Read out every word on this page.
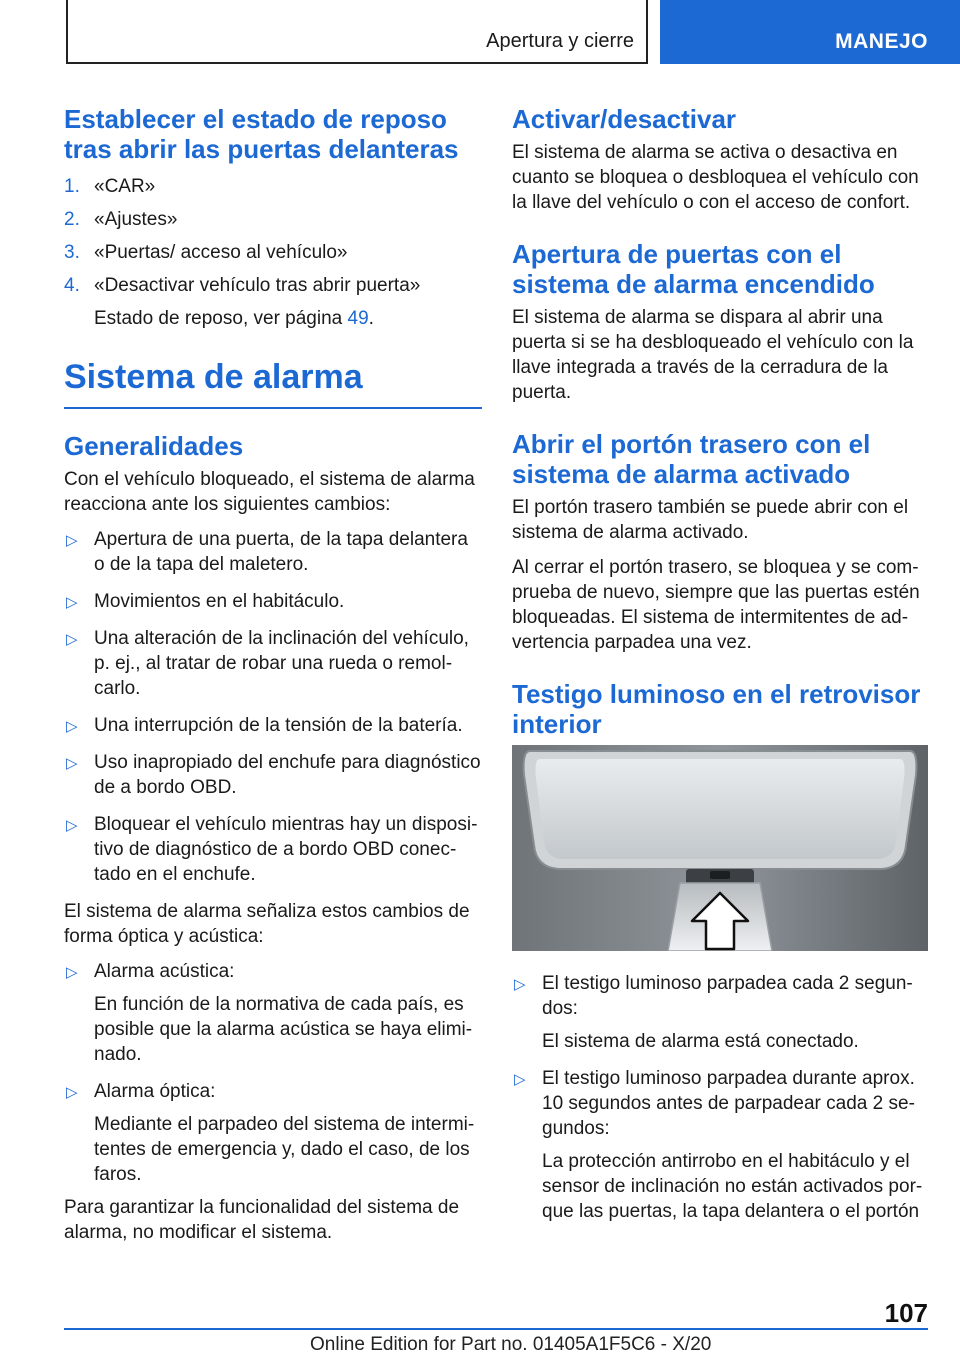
Apertura y cierre	MANEJO
Establecer el estado de reposo tras abrir las puertas delanteras
1. «CAR»
2. «Ajustes»
3. «Puertas/ acceso al vehículo»
4. «Desactivar vehículo tras abrir puerta»
Estado de reposo, ver página 49.
Sistema de alarma
Generalidades

Con el vehículo bloqueado, el sistema de alarma reacciona ante los siguientes cambios:

▷ Apertura de una puerta, de la tapa delantera o de la tapa del maletero.
▷ Movimientos en el habitáculo.
▷ Una alteración de la inclinación del vehículo, p. ej., al tratar de robar una rueda o remolcarlo.
▷ Una interrupción de la tensión de la batería.
▷ Uso inapropiado del enchufe para diagnóstico de a bordo OBD.
▷ Bloquear el vehículo mientras hay un dispositivo de diagnóstico de a bordo OBD conectado en el enchufe.

El sistema de alarma señaliza estos cambios de forma óptica y acústica:

▷ Alarma acústica:
En función de la normativa de cada país, es posible que la alarma acústica se haya eliminado.
▷ Alarma óptica:
Mediante el parpadeo del sistema de intermitentes de emergencia y, dado el caso, de los faros.

Para garantizar la funcionalidad del sistema de alarma, no modificar el sistema.

Activar/desactivar

El sistema de alarma se activa o desactiva en cuanto se bloquea o desbloquea el vehículo con la llave del vehículo o con el acceso de confort.

Apertura de puertas con el sistema de alarma encendido

El sistema de alarma se dispara al abrir una puerta si se ha desbloqueado el vehículo con la llave integrada a través de la cerradura de la puerta.

Abrir el portón trasero con el sistema de alarma activado

El portón trasero también se puede abrir con el sistema de alarma activado.

Al cerrar el portón trasero, se bloquea y se comprueba de nuevo, siempre que las puertas estén bloqueadas. El sistema de intermitentes de advertencia parpadea una vez.

Testigo luminoso en el retrovisor interior
▷ El testigo luminoso parpadea cada 2 segundos:
El sistema de alarma está conectado.
▷ El testigo luminoso parpadea durante aprox. 10 segundos antes de parpadear cada 2 segundos:
La protección antirrobo en el habitáculo y el sensor de inclinación no están activados porque las puertas, la tapa delantera o el portón
107
Online Edition for Part no. 01405A1F5C6 - X/20
